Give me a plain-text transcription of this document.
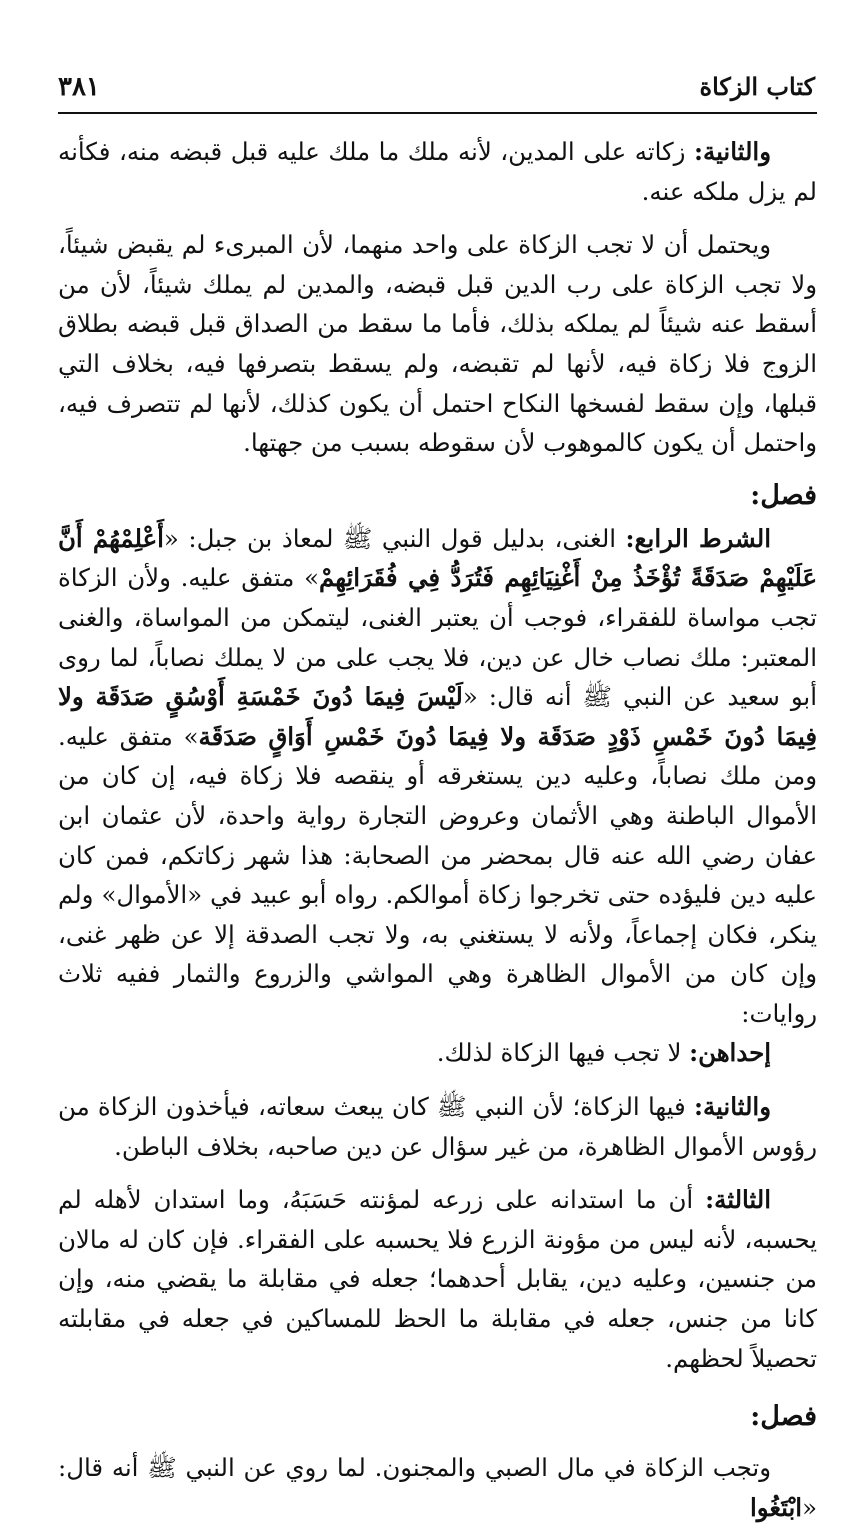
كتاب الزكاة
٣٨١

والثانية: زكاته على المدين، لأنه ملك ما ملك عليه قبل قبضه منه، فكأنه لم يزل ملكه عنه.

ويحتمل أن لا تجب الزكاة على واحد منهما، لأن المبرىء لم يقبض شيئاً، ولا تجب الزكاة على رب الدين قبل قبضه، والمدين لم يملك شيئاً، لأن من أسقط عنه شيئاً لم يملكه بذلك، فأما ما سقط من الصداق قبل قبضه بطلاق الزوج فلا زكاة فيه، لأنها لم تقبضه، ولم يسقط بتصرفها فيه، بخلاف التي قبلها، وإن سقط لفسخها النكاح احتمل أن يكون كذلك، لأنها لم تتصرف فيه، واحتمل أن يكون كالموهوب لأن سقوطه بسبب من جهتها.

فصل:

الشرط الرابع: الغنى، بدليل قول النبي ﷺ لمعاذ بن جبل: «أَعْلِمْهُمْ أَنَّ عَلَيْهِمْ صَدَقَةً تُؤْخَذُ مِنْ أَغْنِيَائِهِم فَتُرَدُّ فِي فُقَرَائِهِمْ» متفق عليه. ولأن الزكاة تجب مواساة للفقراء، فوجب أن يعتبر الغنى، ليتمكن من المواساة، والغنى المعتبر: ملك نصاب خال عن دين، فلا يجب على من لا يملك نصاباً، لما روى أبو سعيد عن النبي ﷺ أنه قال: «لَيْسَ فِيمَا دُونَ خَمْسَةِ أَوْسُقٍ صَدَقَة ولا فِيمَا دُونَ خَمْسِ ذَوْدٍ صَدَقَة ولا فِيمَا دُونَ خَمْسِ أَوَاقٍ صَدَقَة» متفق عليه. ومن ملك نصاباً، وعليه دين يستغرقه أو ينقصه فلا زكاة فيه، إن كان من الأموال الباطنة وهي الأثمان وعروض التجارة رواية واحدة، لأن عثمان ابن عفان رضي الله عنه قال بمحضر من الصحابة: هذا شهر زكاتكم، فمن كان عليه دين فليؤده حتى تخرجوا زكاة أموالكم. رواه أبو عبيد في «الأموال» ولم ينكر، فكان إجماعاً، ولأنه لا يستغني به، ولا تجب الصدقة إلا عن ظهر غنى، وإن كان من الأموال الظاهرة وهي المواشي والزروع والثمار ففيه ثلاث روايات:

إحداهن: لا تجب فيها الزكاة لذلك.

والثانية: فيها الزكاة؛ لأن النبي ﷺ كان يبعث سعاته، فيأخذون الزكاة من رؤوس الأموال الظاهرة، من غير سؤال عن دين صاحبه، بخلاف الباطن.

الثالثة: أن ما استدانه على زرعه لمؤنته حَسَبَهُ، وما استدان لأهله لم يحسبه، لأنه ليس من مؤونة الزرع فلا يحسبه على الفقراء. فإن كان له مالان من جنسين، وعليه دين، يقابل أحدهما؛ جعله في مقابلة ما يقضي منه، وإن كانا من جنس، جعله في مقابلة ما الحظ للمساكين في جعله في مقابلته تحصيلاً لحظهم.

فصل:

وتجب الزكاة في مال الصبي والمجنون. لما روي عن النبي ﷺ أنه قال: «ابْتَغُوا
